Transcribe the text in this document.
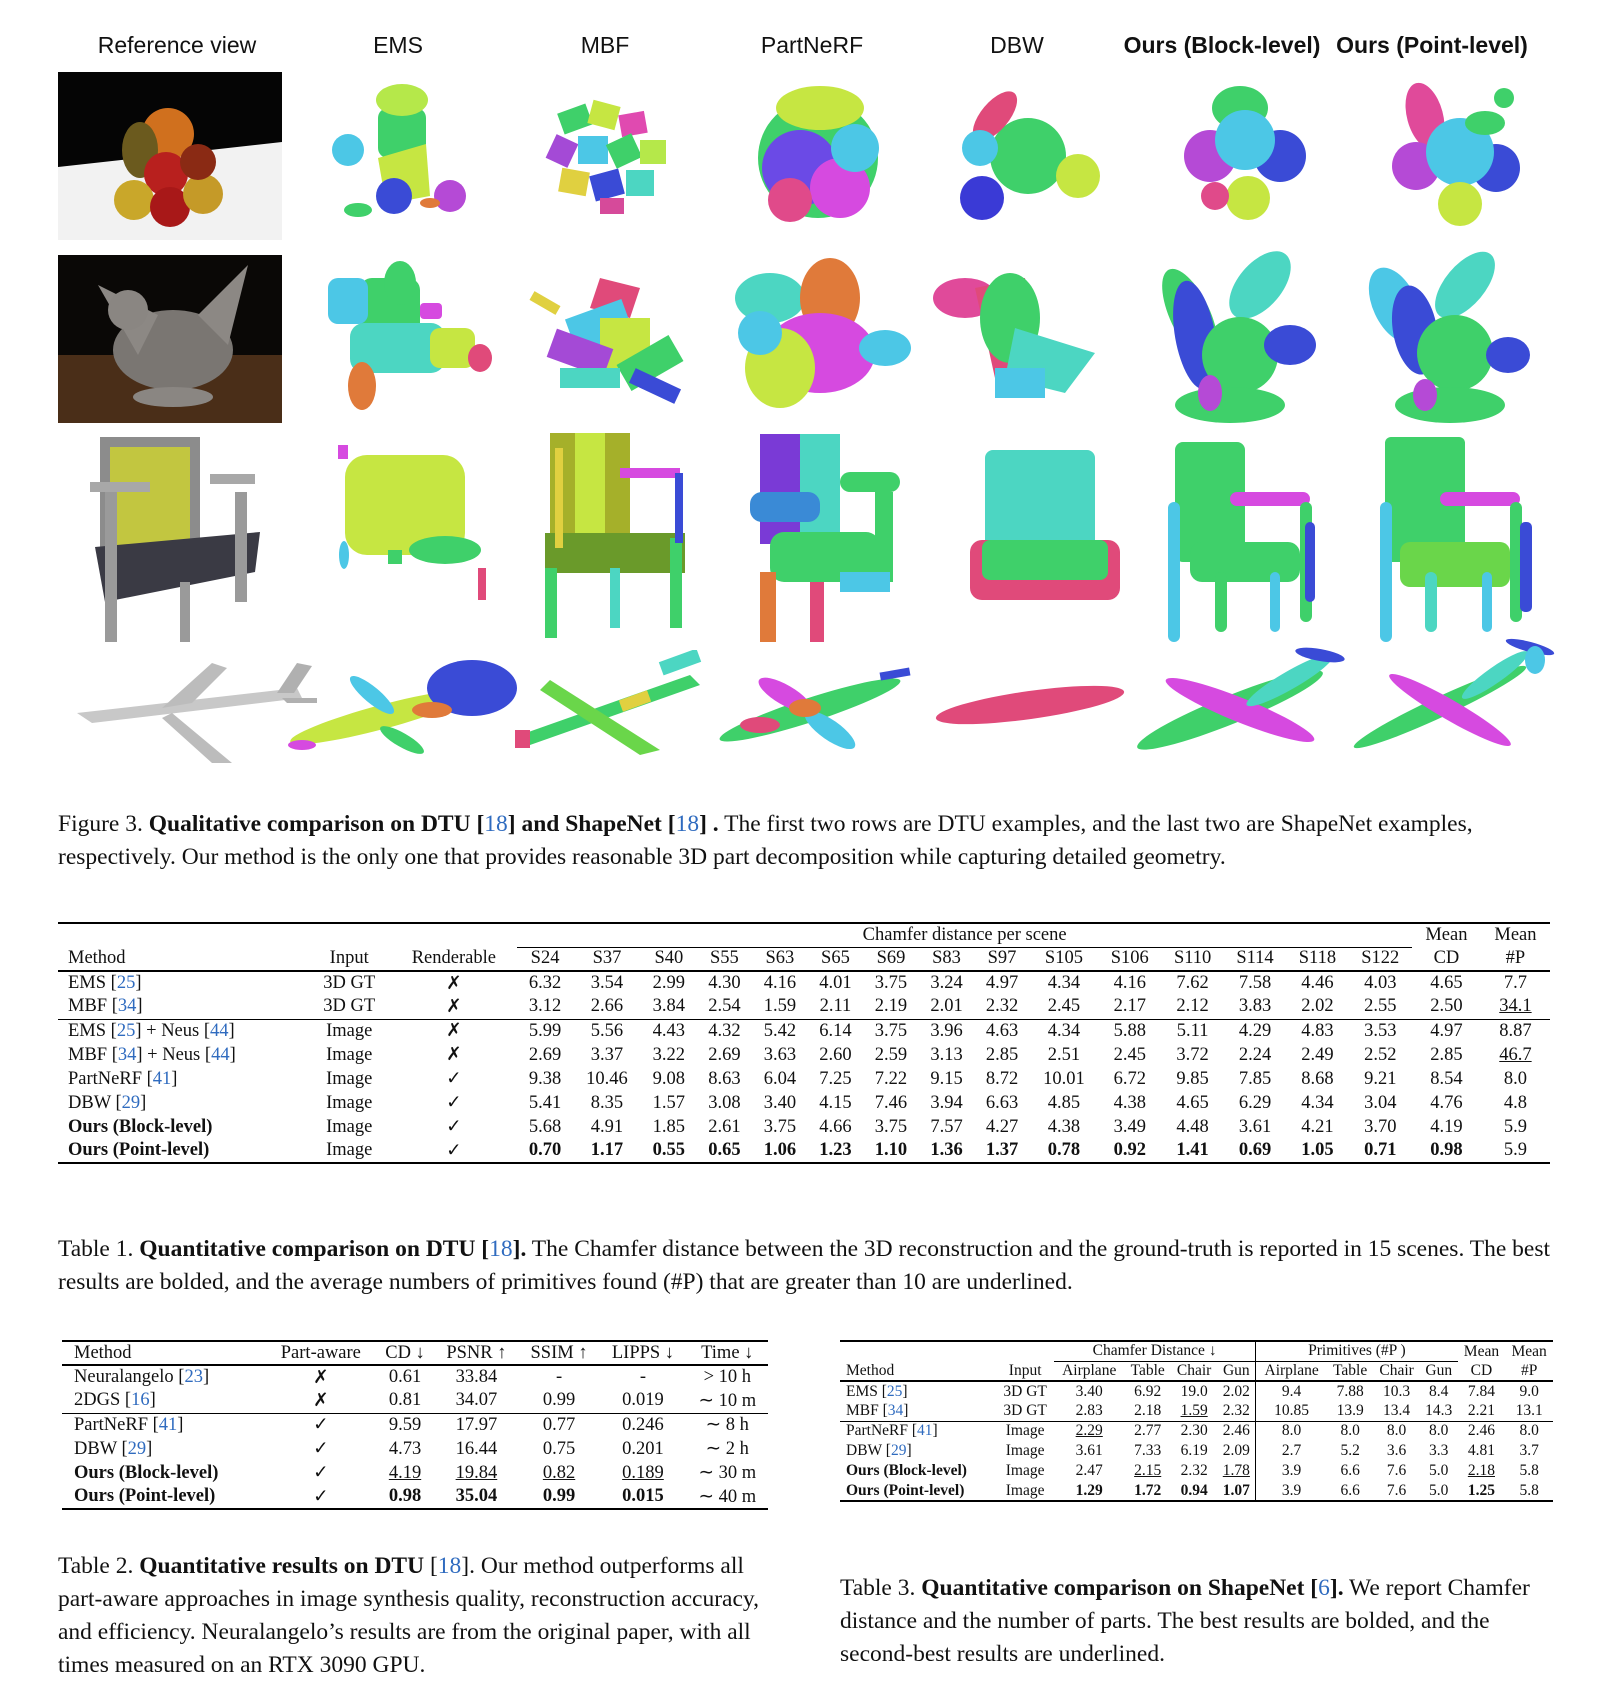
Reference view	EMS	MBF	PartNeRF	DBW	Ours (Block-level) Ours (Point-level)
Figure 3. Qualitative comparison on DTU [18] and ShapeNet [18] . The first two rows are DTU examples, and the last two are ShapeNet examples, respectively. Our method is the only one that provides reasonable 3D part decomposition while capturing detailed geometry.
			Chamfer distance per scene															Mean	Mean
Method	Input	Renderable	S24	S37	S40	S55	S63	S65	S69	S83	S97	S105	S106	S110	S114	S118	S122	CD	#P
EMS [25]	3D GT	✗	6.32	3.54	2.99	4.30	4.16	4.01	3.75	3.24	4.97	4.34	4.16	7.62	7.58	4.46	4.03	4.65	7.7
MBF [34]	3D GT	✗	3.12	2.66	3.84	2.54	1.59	2.11	2.19	2.01	2.32	2.45	2.17	2.12	3.83	2.02	2.55	2.50	34.1
EMS [25] + Neus [44]	Image	✗	5.99	5.56	4.43	4.32	5.42	6.14	3.75	3.96	4.63	4.34	5.88	5.11	4.29	4.83	3.53	4.97	8.87
MBF [34] + Neus [44]	Image	✗	2.69	3.37	3.22	2.69	3.63	2.60	2.59	3.13	2.85	2.51	2.45	3.72	2.24	2.49	2.52	2.85	46.7
PartNeRF [41]	Image	✓	9.38	10.46	9.08	8.63	6.04	7.25	7.22	9.15	8.72	10.01	6.72	9.85	7.85	8.68	9.21	8.54	8.0
DBW [29]	Image	✓	5.41	8.35	1.57	3.08	3.40	4.15	7.46	3.94	6.63	4.85	4.38	4.65	6.29	4.34	3.04	4.76	4.8
Ours (Block-level)	Image	✓	5.68	4.91	1.85	2.61	3.75	4.66	3.75	7.57	4.27	4.38	3.49	4.48	3.61	4.21	3.70	4.19	5.9
Ours (Point-level)	Image	✓	0.70	1.17	0.55	0.65	1.06	1.23	1.10	1.36	1.37	0.78	0.92	1.41	0.69	1.05	0.71	0.98	5.9
Table 1. Quantitative comparison on DTU [18]. The Chamfer distance between the 3D reconstruction and the ground-truth is reported in 15 scenes. The best results are bolded, and the average numbers of primitives found (#P) that are greater than 10 are underlined.
Method	Part-aware	CD ↓	PSNR ↑	SSIM ↑	LIPPS ↓	Time ↓
Neuralangelo [23]	✗	0.61	33.84	-	-	> 10 h
2DGS [16]	✗	0.81	34.07	0.99	0.019	∼ 10 m
PartNeRF [41]	✓	9.59	17.97	0.77	0.246	∼ 8 h
DBW [29]	✓	4.73	16.44	0.75	0.201	∼ 2 h
Ours (Block-level)	✓	4.19	19.84	0.82	0.189	∼ 30 m
Ours (Point-level)	✓	0.98	35.04	0.99	0.015	∼ 40 m
Table 2. Quantitative results on DTU [18]. Our method outperforms all part-aware approaches in image synthesis quality, reconstruction accuracy, and efficiency. Neuralangelo’s results are from the original paper, with all times measured on an RTX 3090 GPU.
		Chamfer Distance ↓				Primitives (#P )				Mean	Mean
Method	Input	Airplane	Table	Chair	Gun	Airplane	Table	Chair	Gun	CD	#P
EMS [25]	3D GT	3.40	6.92	19.0	2.02	9.4	7.88	10.3	8.4	7.84	9.0
MBF [34]	3D GT	2.83	2.18	1.59	2.32	10.85	13.9	13.4	14.3	2.21	13.1
PartNeRF [41]	Image	2.29	2.77	2.30	2.46	8.0	8.0	8.0	8.0	2.46	8.0
DBW [29]	Image	3.61	7.33	6.19	2.09	2.7	5.2	3.6	3.3	4.81	3.7
Ours (Block-level)	Image	2.47	2.15	2.32	1.78	3.9	6.6	7.6	5.0	2.18	5.8
Ours (Point-level)	Image	1.29	1.72	0.94	1.07	3.9	6.6	7.6	5.0	1.25	5.8
Table 3. Quantitative comparison on ShapeNet [6]. We report Chamfer distance and the number of parts. The best results are bolded, and the second-best results are underlined.
